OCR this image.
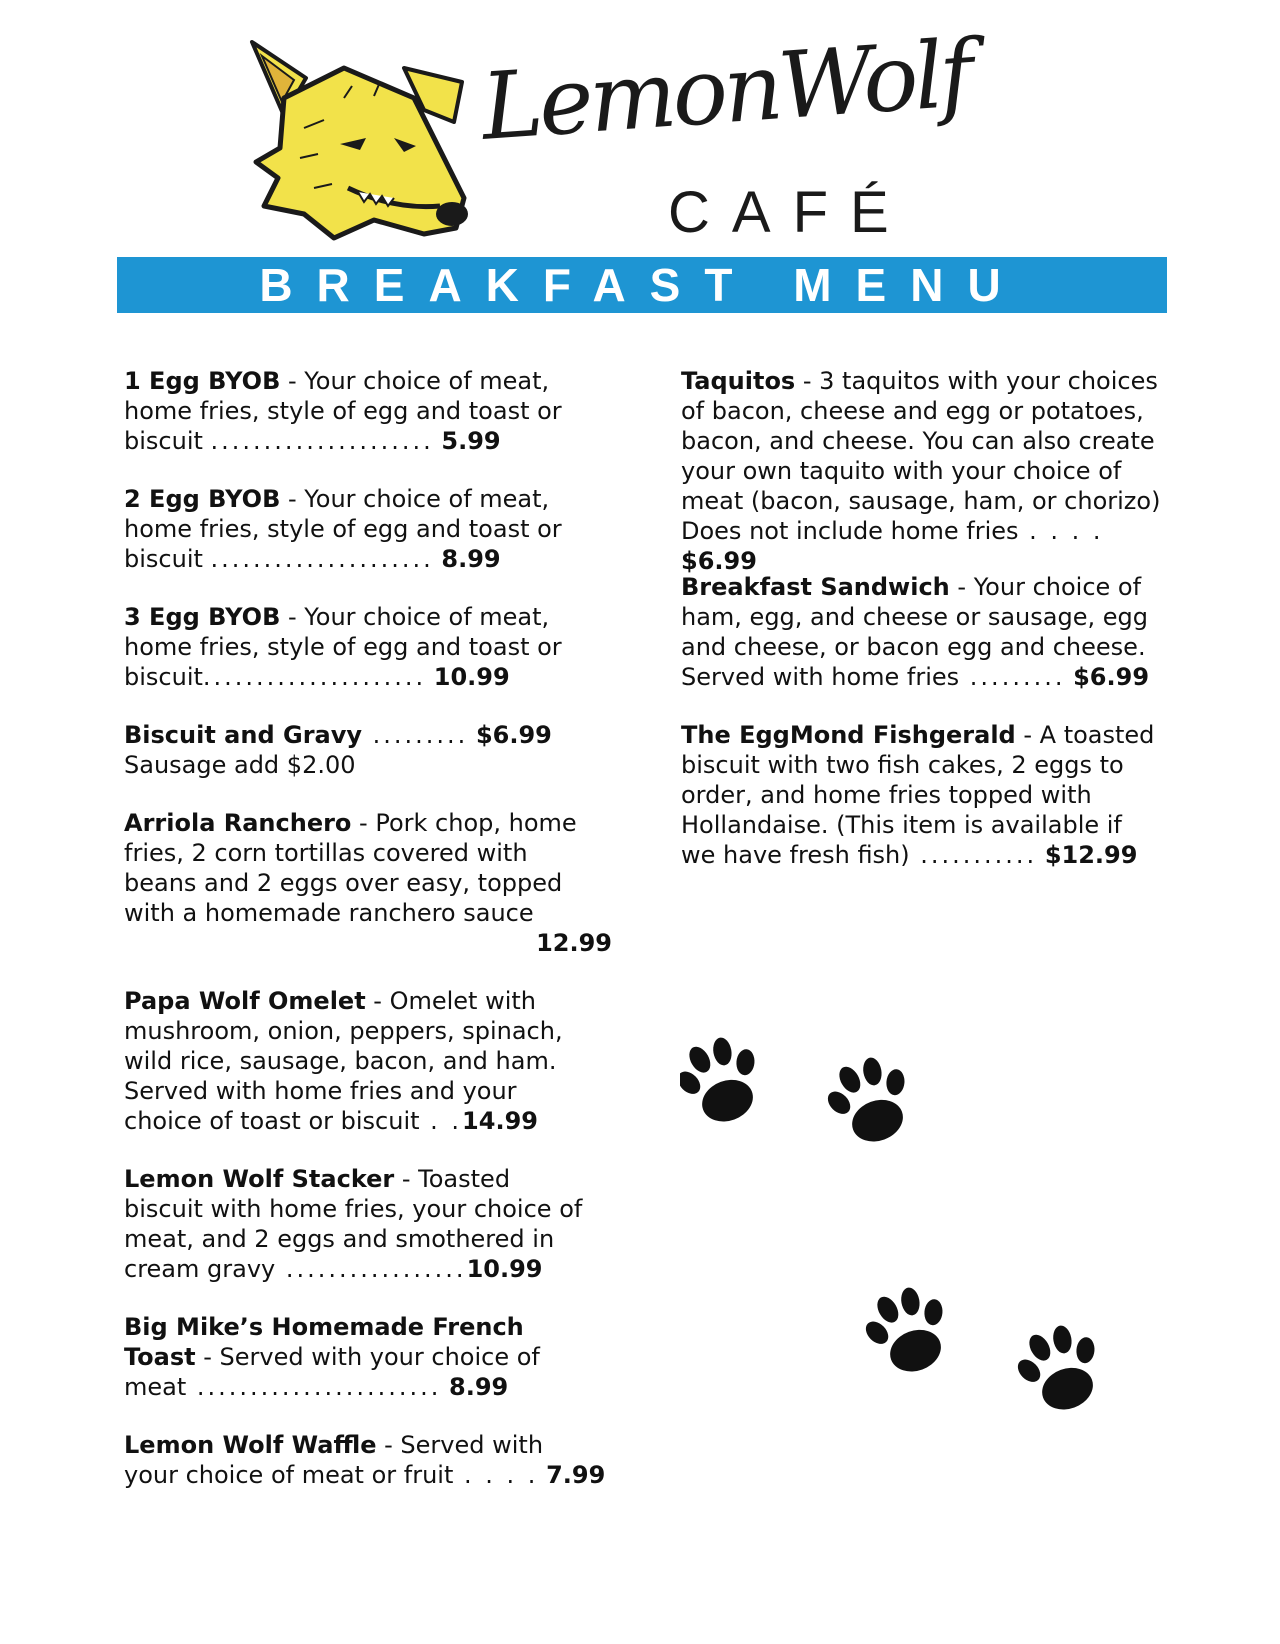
LemonWolf
CAFÉ
BREAKFAST MENU
1 Egg BYOB - Your choice of meat,
home fries, style of egg and toast or
biscuit ..................... 5.99
2 Egg BYOB - Your choice of meat,
home fries, style of egg and toast or
biscuit ..................... 8.99
3 Egg BYOB - Your choice of meat,
home fries, style of egg and toast or
biscuit..................... 10.99
Biscuit and Gravy ......... $6.99
Sausage add $2.00
Arriola Ranchero - Pork chop, home
fries, 2 corn tortillas covered with
beans and 2 eggs over easy, topped
with a homemade ranchero sauce

12.99
Papa Wolf Omelet - Omelet with
mushroom, onion, peppers, spinach,
wild rice, sausage, bacon, and ham.
Served with home fries and your
choice of toast or biscuit . .14.99
Lemon Wolf Stacker - Toasted
biscuit with home fries, your choice of
meat, and 2 eggs and smothered in
cream gravy .................10.99
Big Mike’s Homemade French
Toast - Served with your choice of
meat ....................... 8.99
Lemon Wolf Waffle - Served with
your choice of meat or fruit . . . . 7.99
Taquitos - 3 taquitos with your choices
of bacon, cheese and egg or potatoes,
bacon, and cheese. You can also create
your own taquito with your choice of
meat (bacon, sausage, ham, or chorizo)
Does not include home fries . . . . $6.99
Breakfast Sandwich - Your choice of
ham, egg, and cheese or sausage, egg
and cheese, or bacon egg and cheese.
Served with home fries ......... $6.99
The EggMond Fishgerald - A toasted
biscuit with two fish cakes, 2 eggs to
order, and home fries topped with
Hollandaise. (This item is available if
we have fresh fish) ........... $12.99
